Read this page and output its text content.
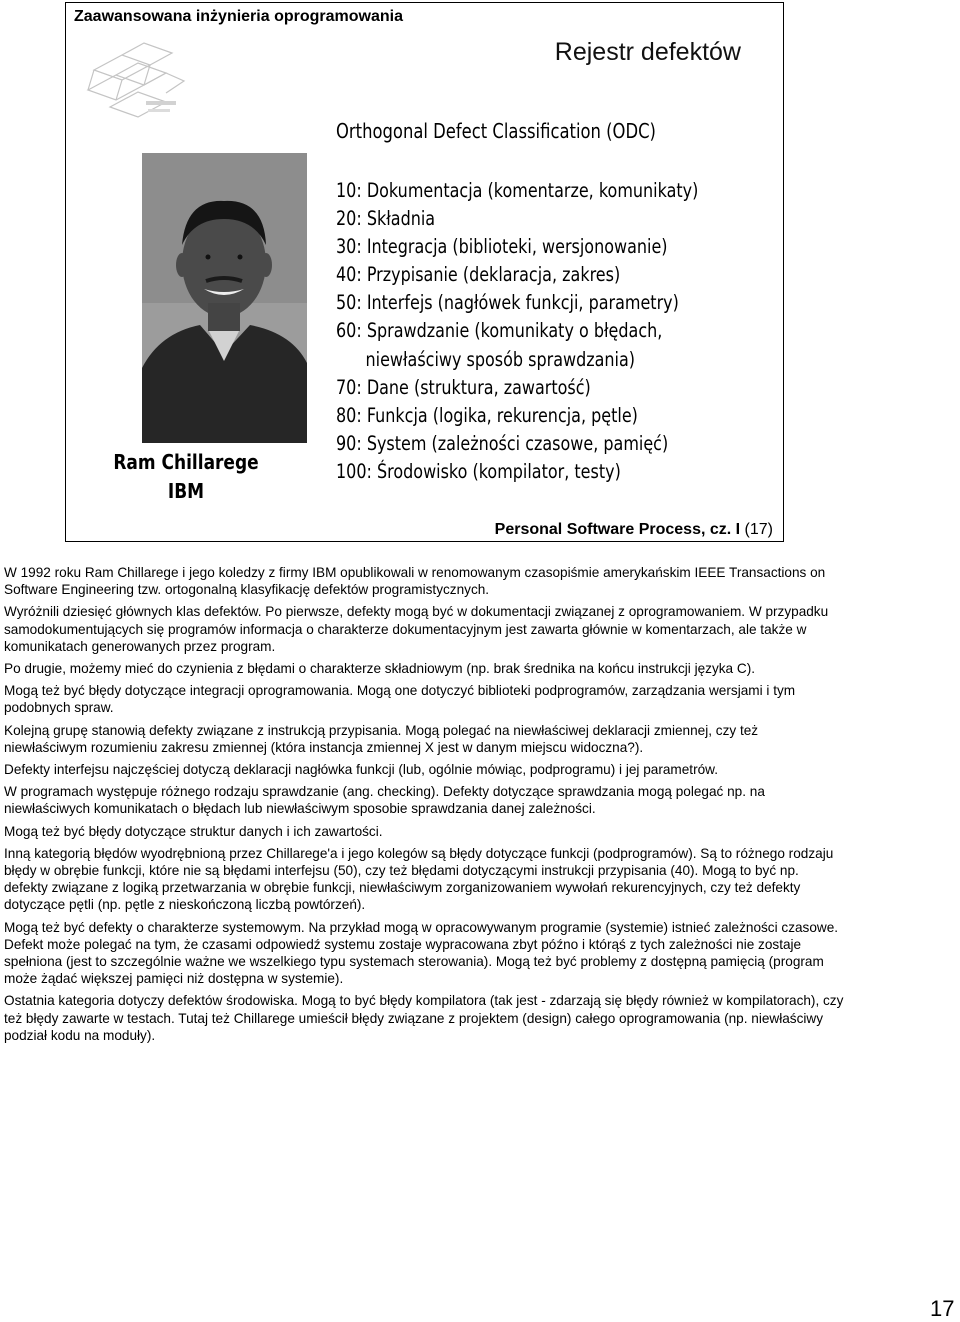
Zaawansowana inżynieria oprogramowania
Rejestr defektów
Ram Chillarege
IBM
Orthogonal Defect Classification (ODC)
10: Dokumentacja (komentarze, komunikaty)
20: Składnia
30: Integracja (biblioteki, wersjonowanie)
40: Przypisanie (deklaracja, zakres)
50: Interfejs (nagłówek funkcji, parametry)
60: Sprawdzanie (komunikaty o błędach,
niewłaściwy sposób sprawdzania)
70: Dane (struktura, zawartość)
80: Funkcja (logika, rekurencja, pętle)
90: System (zależności czasowe, pamięć)
100: Środowisko (kompilator, testy)
Personal Software Process, cz. I (17)

W 1992 roku Ram Chillarege i jego koledzy z firmy IBM opublikowali w renomowanym czasopiśmie amerykańskim IEEE Transactions on Software Engineering tzw. ortogonalną klasyfikację defektów programistycznych.

Wyróżnili dziesięć głównych klas defektów. Po pierwsze, defekty mogą być w dokumentacji związanej z oprogramowaniem. W przypadku samodokumentujących się programów informacja o charakterze dokumentacyjnym jest zawarta głównie w komentarzach, ale także w komunikatach generowanych przez program.

Po drugie, możemy mieć do czynienia z błędami o charakterze składniowym (np. brak średnika na końcu instrukcji języka C).

Mogą też być błędy dotyczące integracji oprogramowania. Mogą one dotyczyć biblioteki podprogramów, zarządzania wersjami i tym podobnych spraw.

Kolejną grupę stanowią defekty związane z instrukcją przypisania. Mogą polegać na niewłaściwej deklaracji zmiennej, czy też niewłaściwym rozumieniu zakresu zmiennej (która instancja zmiennej X jest w danym miejscu widoczna?).

Defekty interfejsu najczęściej dotyczą deklaracji nagłówka funkcji (lub, ogólnie mówiąc, podprogramu) i jej parametrów.

W programach występuje różnego rodzaju sprawdzanie (ang. checking). Defekty dotyczące sprawdzania mogą polegać np. na niewłaściwych komunikatach o błędach lub niewłaściwym sposobie sprawdzania danej zależności.

Mogą też być błędy dotyczące struktur danych i ich zawartości.

Inną kategorią błędów wyodrębnioną przez Chillarege'a i jego kolegów są błędy dotyczące funkcji (podprogramów). Są to różnego rodzaju błędy w obrębie funkcji, które nie są błędami interfejsu (50), czy też błędami dotyczącymi instrukcji przypisania (40). Mogą to być np. defekty związane z logiką przetwarzania w obrębie funkcji, niewłaściwym zorganizowaniem wywołań rekurencyjnych, czy też defekty dotyczące pętli (np. pętle z nieskończoną liczbą powtórzeń).

Mogą też być defekty o charakterze systemowym. Na przykład mogą w opracowywanym programie (systemie) istnieć zależności czasowe. Defekt może polegać na tym, że czasami odpowiedź systemu zostaje wypracowana zbyt późno i którąś z tych zależności nie zostaje spełniona (jest to szczególnie ważne we wszelkiego typu systemach sterowania). Mogą też być problemy z dostępną pamięcią (program może żądać większej pamięci niż dostępna w systemie).

Ostatnia kategoria dotyczy defektów środowiska. Mogą to być błędy kompilatora (tak jest - zdarzają się błędy również w kompilatorach), czy też błędy zawarte w testach. Tutaj też Chillarege umieścił błędy związane z projektem (design) całego oprogramowania (np. niewłaściwy podział kodu na moduły).

17
